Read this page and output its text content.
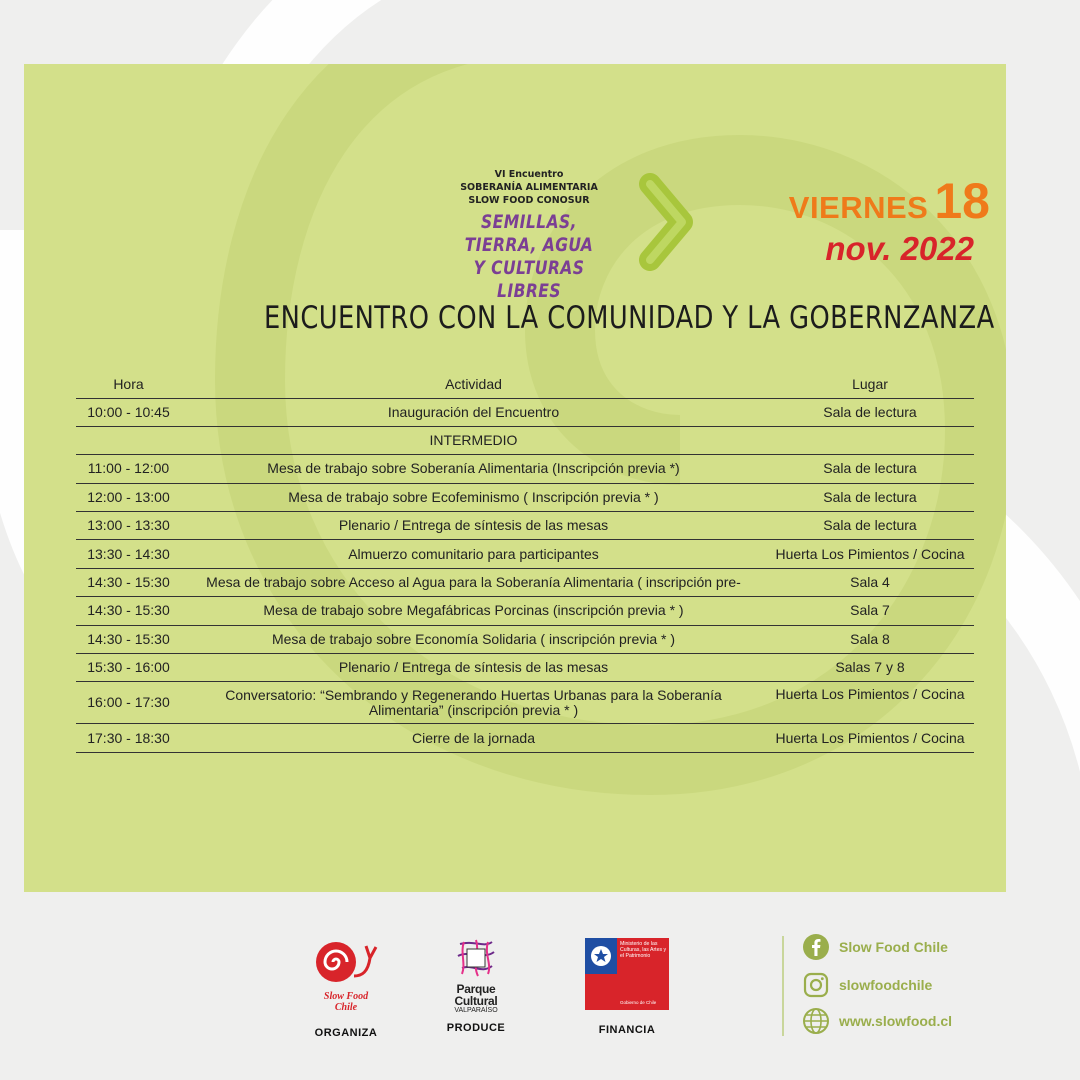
VI Encuentro
SOBERANÍA ALIMENTARIA
SLOW FOOD CONOSUR
SEMILLAS, TIERRA, AGUA
Y CULTURAS LIBRES
VIERNES 18
nov. 2022
ENCUENTRO CON LA COMUNIDAD Y LA GOBERNZANZA
Hora	Actividad	Lugar
10:00 - 10:45	Inauguración del Encuentro	Sala de lectura
	INTERMEDIO	
11:00 - 12:00	Mesa de trabajo sobre Soberanía Alimentaria (Inscripción previa *)	Sala de lectura
12:00 - 13:00	Mesa de trabajo sobre Ecofeminismo ( Inscripción previa * )	Sala de lectura
13:00 - 13:30	Plenario / Entrega de síntesis de las mesas	Sala de lectura
13:30 - 14:30	Almuerzo comunitario para participantes	Huerta Los Pimientos / Cocina
14:30 - 15:30	Mesa de trabajo sobre Acceso al Agua para la Soberanía Alimentaria ( inscripción pre-	Sala 4
14:30 - 15:30	Mesa de trabajo sobre Megafábricas Porcinas (inscripción previa * )	Sala 7
14:30 - 15:30	Mesa de trabajo sobre Economía Solidaria ( inscripción previa * )	Sala 8
15:30 - 16:00	Plenario / Entrega de síntesis de las mesas	Salas 7 y 8
16:00 - 17:30	Conversatorio: “Sembrando y Regenerando Huertas Urbanas para la Soberanía Alimentaria” (inscripción previa * )	Huerta Los Pimientos / Cocina
17:30 - 18:30	Cierre de la jornada	Huerta Los Pimientos / Cocina
Slow Food
Chile
ORGANIZA
Parque
Cultural
VALPARAÍSO
PRODUCE
Ministerio de las Culturas, las Artes y el Patrimonio
Gobierno de Chile
FINANCIA
Slow Food Chile
slowfoodchile
www.slowfood.cl
